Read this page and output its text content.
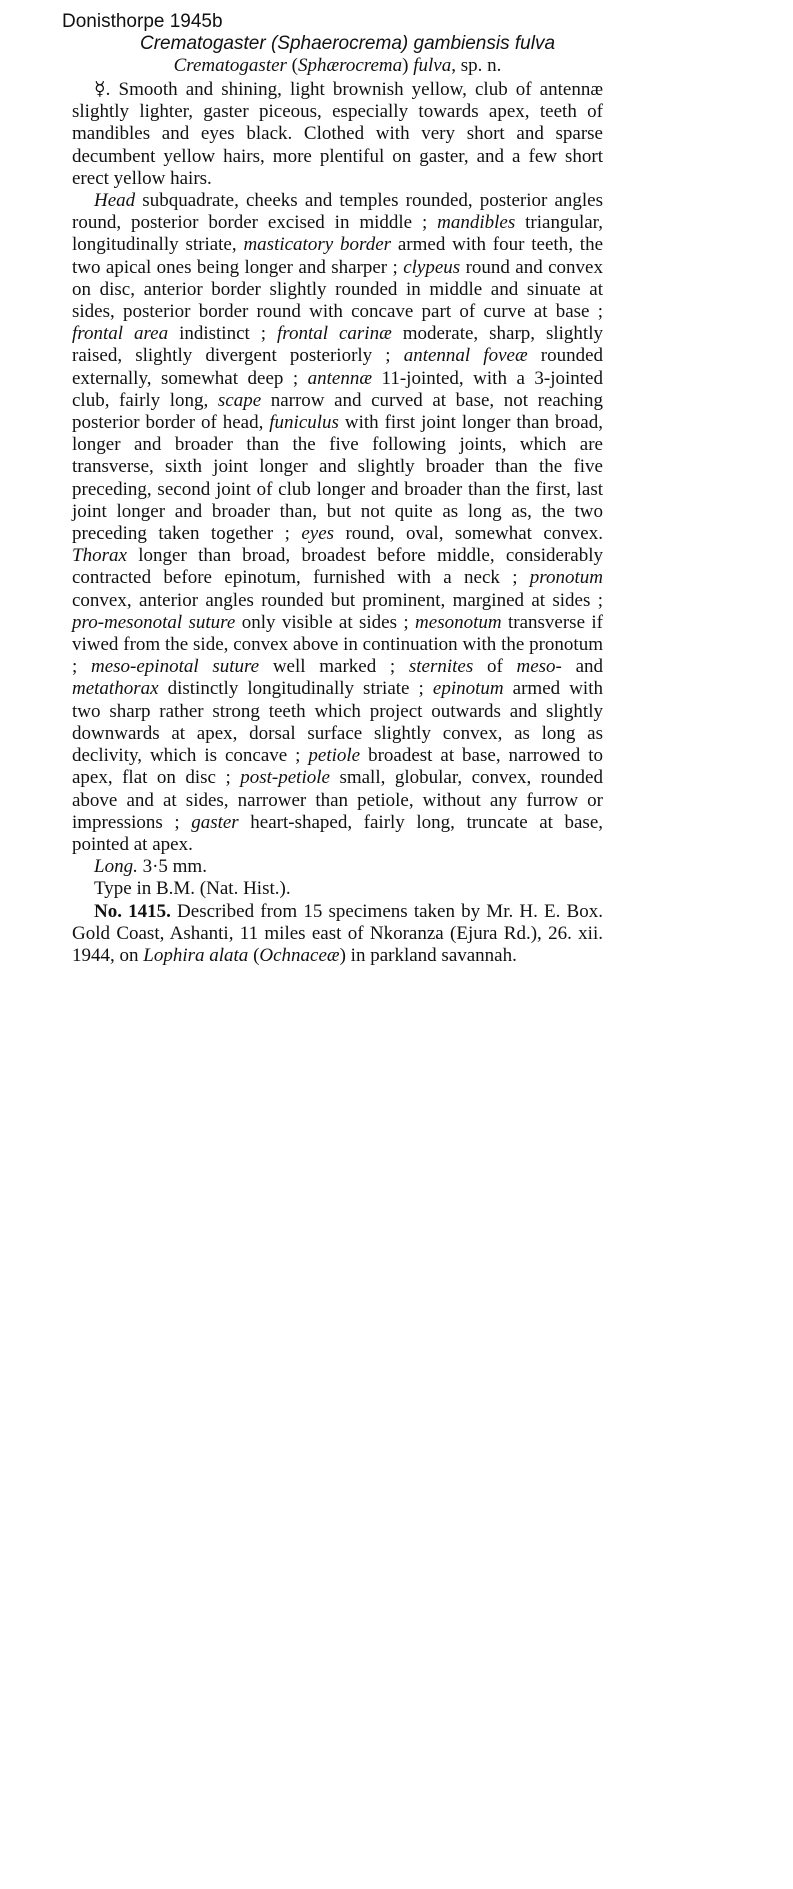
Donisthorpe 1945b
Crematogaster (Sphaerocrema) gambiensis fulva

Crematogaster (Sphærocrema) fulva, sp. n.

☿. Smooth and shining, light brownish yellow, club of antennæ slightly lighter, gaster piceous, especially towards apex, teeth of mandibles and eyes black. Clothed with very short and sparse decumbent yellow hairs, more plentiful on gaster, and a few short erect yellow hairs.

Head subquadrate, cheeks and temples rounded, posterior angles round, posterior border excised in middle ; mandibles triangular, longitudinally striate, masticatory border armed with four teeth, the two apical ones being longer and sharper ; clypeus round and convex on disc, anterior border slightly rounded in middle and sinuate at sides, posterior border round with concave part of curve at base ; frontal area indistinct ; frontal carinæ moderate, sharp, slightly raised, slightly divergent posteriorly ; antennal foveæ rounded externally, somewhat deep ; antennæ 11-jointed, with a 3-jointed club, fairly long, scape narrow and curved at base, not reaching posterior border of head, funiculus with first joint longer than broad, longer and broader than the five following joints, which are transverse, sixth joint longer and slightly broader than the five preceding, second joint of club longer and broader than the first, last joint longer and broader than, but not quite as long as, the two preceding taken together ; eyes round, oval, somewhat convex. Thorax longer than broad, broadest before middle, considerably contracted before epinotum, furnished with a neck ; pronotum convex, anterior angles rounded but prominent, margined at sides ; pro-mesonotal suture only visible at sides ; mesonotum transverse if viwed from the side, convex above in continuation with the pronotum ; meso-epinotal suture well marked ; sternites of meso- and metathorax distinctly longitudinally striate ; epinotum armed with two sharp rather strong teeth which project outwards and slightly downwards at apex, dorsal surface slightly convex, as long as declivity, which is concave ; petiole broadest at base, narrowed to apex, flat on disc ; post-petiole small, globular, convex, rounded above and at sides, narrower than petiole, without any furrow or impressions ; gaster heart-shaped, fairly long, truncate at base, pointed at apex.

Long. 3·5 mm.

Type in B.M. (Nat. Hist.).

No. 1415. Described from 15 specimens taken by Mr. H. E. Box. Gold Coast, Ashanti, 11 miles east of Nkoranza (Ejura Rd.), 26. xii. 1944, on Lophira alata (Ochnaceæ) in parkland savannah.
